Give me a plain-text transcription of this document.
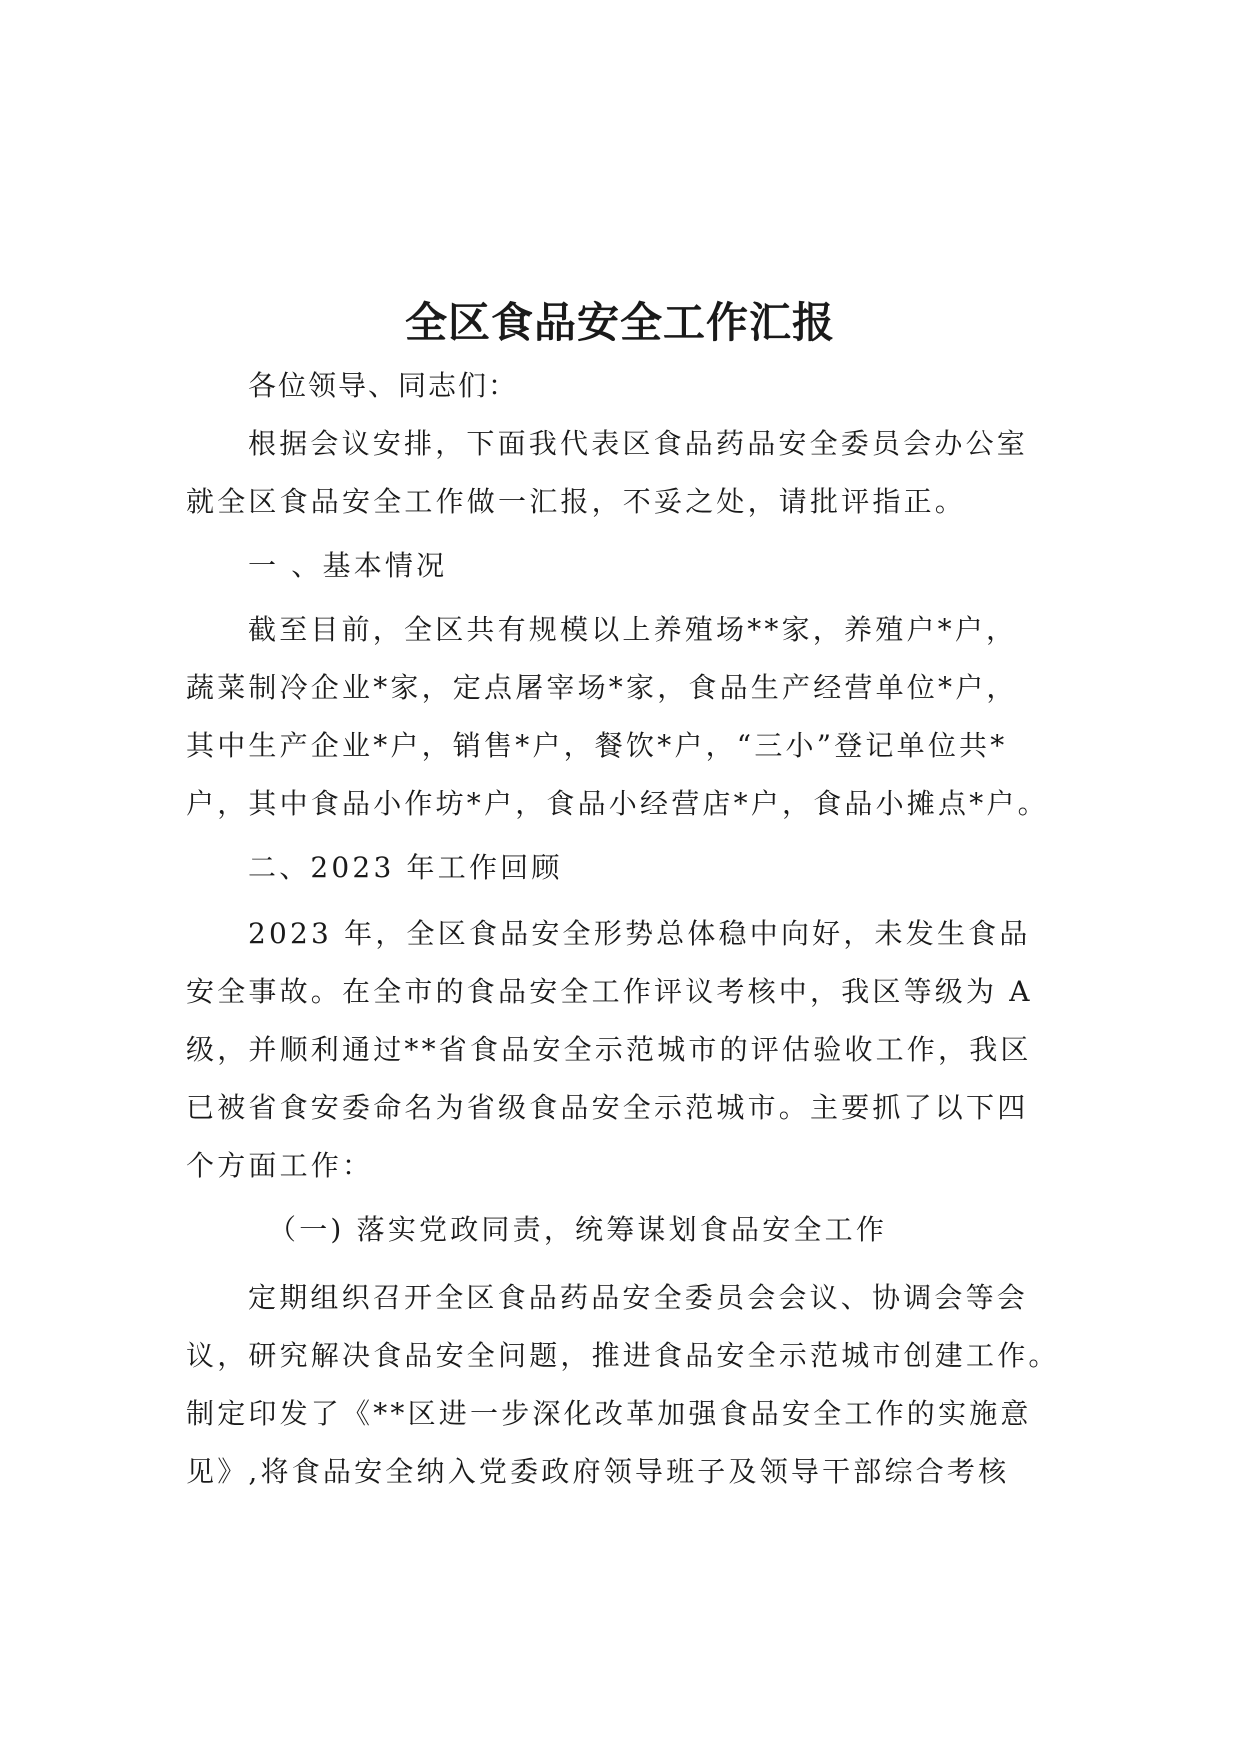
全区食品安全工作汇报
各位领导、同志们：
根据会议安排，下面我代表区食品药品安全委员会办公室
就全区食品安全工作做一汇报，不妥之处，请批评指正。
一 、基本情况
截至目前，全区共有规模以上养殖场**家，养殖户*户，
蔬菜制冷企业*家，定点屠宰场*家，食品生产经营单位*户，
其中生产企业*户，销售*户，餐饮*户，“三小”登记单位共*
户，其中食品小作坊*户，食品小经营店*户，食品小摊点*户。
二、2023 年工作回顾
2023 年，全区食品安全形势总体稳中向好，未发生食品
安全事故。在全市的食品安全工作评议考核中，我区等级为 A
级，并顺利通过**省食品安全示范城市的评估验收工作，我区
已被省食安委命名为省级食品安全示范城市。主要抓了以下四
个方面工作：
（一) 落实党政同责，统筹谋划食品安全工作
定期组织召开全区食品药品安全委员会会议、协调会等会
议，研究解决食品安全问题，推进食品安全示范城市创建工作。
制定印发了《**区进一步深化改革加强食品安全工作的实施意
见》,将食品安全纳入党委政府领导班子及领导干部综合考核
